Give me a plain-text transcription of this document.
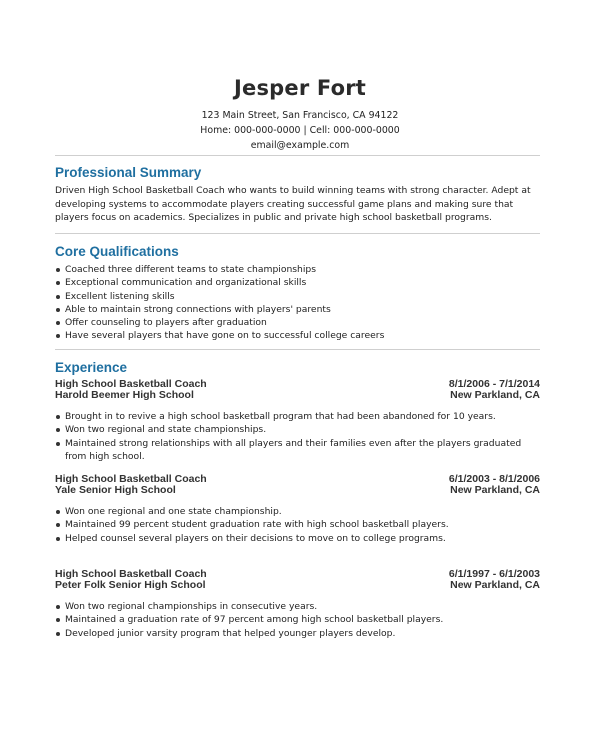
Jesper Fort
123 Main Street, San Francisco, CA 94122
Home: 000-000-0000 | Cell: 000-000-0000
email@example.com
Professional Summary
Driven High School Basketball Coach who wants to build winning teams with strong character. Adept at developing systems to accommodate players creating successful game plans and making sure that players focus on academics. Specializes in public and private high school basketball programs.
Core Qualifications
Coached three different teams to state championships
Exceptional communication and organizational skills
Excellent listening skills
Able to maintain strong connections with players' parents
Offer counseling to players after graduation
Have several players that have gone on to successful college careers
Experience
High School Basketball Coach	8/1/2006 - 7/1/2014
Harold Beemer High School	New Parkland, CA
Brought in to revive a high school basketball program that had been abandoned for 10 years.
Won two regional and state championships.
Maintained strong relationships with all players and their families even after the players graduated from high school.
High School Basketball Coach	6/1/2003 - 8/1/2006
Yale Senior High School	New Parkland, CA
Won one regional and one state championship.
Maintained 99 percent student graduation rate with high school basketball players.
Helped counsel several players on their decisions to move on to college programs.
High School Basketball Coach	6/1/1997 - 6/1/2003
Peter Folk Senior High School	New Parkland, CA
Won two regional championships in consecutive years.
Maintained a graduation rate of 97 percent among high school basketball players.
Developed junior varsity program that helped younger players develop.
